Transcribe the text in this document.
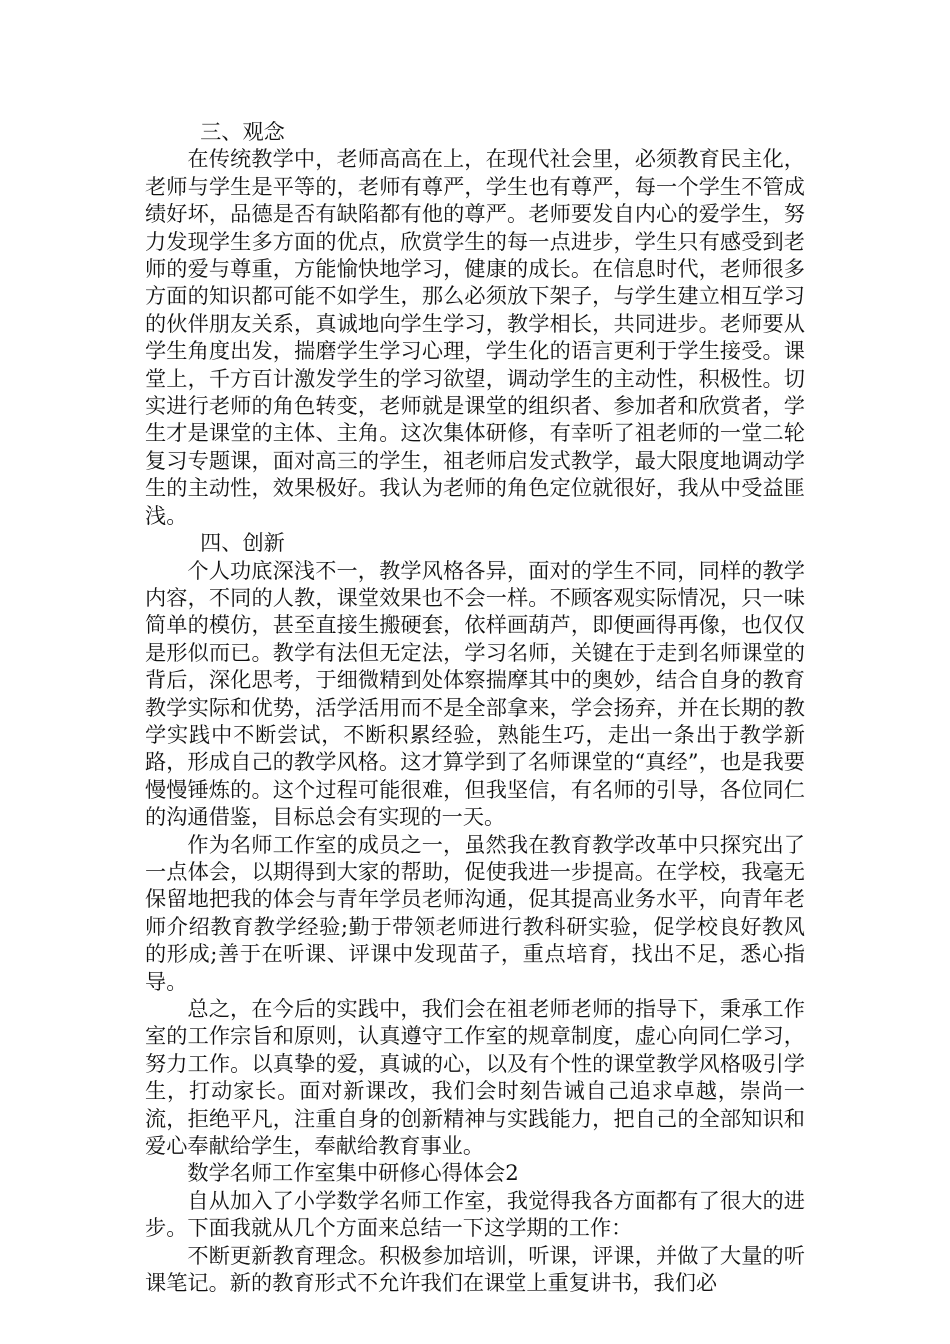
三、观念

在传统教学中，老师高高在上，在现代社会里，必须教育民主化，老师与学生是平等的，老师有尊严，学生也有尊严，每一个学生不管成绩好坏，品德是否有缺陷都有他的尊严。老师要发自内心的爱学生，努力发现学生多方面的优点，欣赏学生的每一点进步，学生只有感受到老师的爱与尊重，方能愉快地学习，健康的成长。在信息时代，老师很多方面的知识都可能不如学生，那么必须放下架子，与学生建立相互学习的伙伴朋友关系，真诚地向学生学习，教学相长，共同进步。老师要从学生角度出发，揣磨学生学习心理，学生化的语言更利于学生接受。课堂上，千方百计激发学生的学习欲望，调动学生的主动性，积极性。切实进行老师的角色转变，老师就是课堂的组织者、参加者和欣赏者，学生才是课堂的主体、主角。这次集体研修，有幸听了祖老师的一堂二轮复习专题课，面对高三的学生，祖老师启发式教学，最大限度地调动学生的主动性，效果极好。我认为老师的角色定位就很好，我从中受益匪浅。

四、创新

个人功底深浅不一，教学风格各异，面对的学生不同，同样的教学内容，不同的人教，课堂效果也不会一样。不顾客观实际情况，只一味简单的模仿，甚至直接生搬硬套，依样画葫芦，即便画得再像，也仅仅是形似而已。教学有法但无定法，学习名师，关键在于走到名师课堂的背后，深化思考，于细微精到处体察揣摩其中的奥妙，结合自身的教育教学实际和优势，活学活用而不是全部拿来，学会扬弃，并在长期的教学实践中不断尝试，不断积累经验，熟能生巧，走出一条出于教学新路，形成自己的教学风格。这才算学到了名师课堂的“真经”，也是我要慢慢锤炼的。这个过程可能很难，但我坚信，有名师的引导，各位同仁的沟通借鉴，目标总会有实现的一天。

作为名师工作室的成员之一，虽然我在教育教学改革中只探究出了一点体会，以期得到大家的帮助，促使我进一步提高。在学校，我毫无保留地把我的体会与青年学员老师沟通，促其提高业务水平，向青年老师介绍教育教学经验;勤于带领老师进行教科研实验，促学校良好教风的形成;善于在听课、评课中发现苗子，重点培育，找出不足，悉心指导。

总之，在今后的实践中，我们会在祖老师老师的指导下，秉承工作室的工作宗旨和原则，认真遵守工作室的规章制度，虚心向同仁学习，努力工作。以真挚的爱，真诚的心，以及有个性的课堂教学风格吸引学生，打动家长。面对新课改，我们会时刻告诫自己追求卓越，崇尚一流，拒绝平凡，注重自身的创新精神与实践能力，把自己的全部知识和爱心奉献给学生，奉献给教育事业。

数学名师工作室集中研修心得体会2

自从加入了小学数学名师工作室，我觉得我各方面都有了很大的进步。下面我就从几个方面来总结一下这学期的工作：

不断更新教育理念。积极参加培训，听课，评课，并做了大量的听课笔记。新的教育形式不允许我们在课堂上重复讲书，我们必
